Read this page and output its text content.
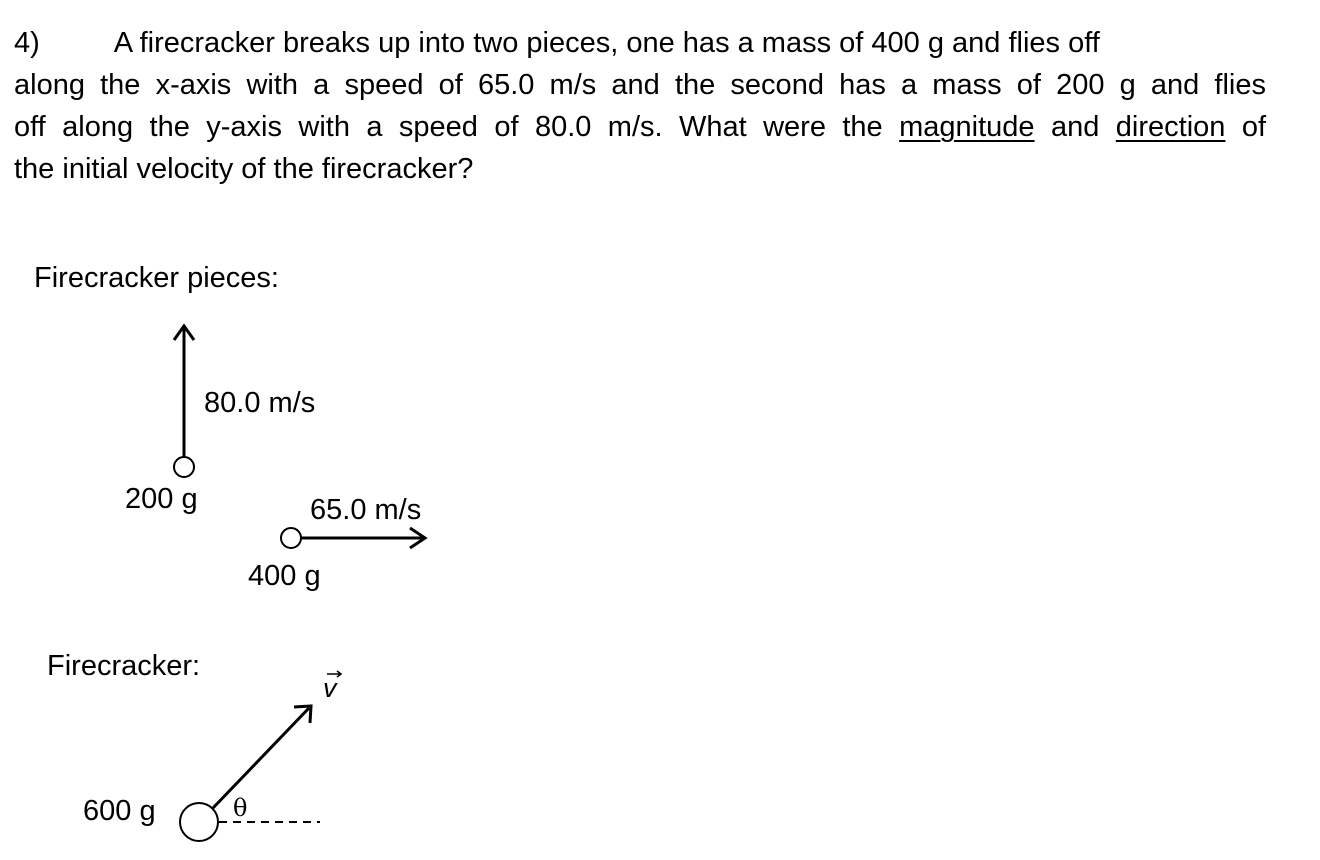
4)	A firecracker breaks up into two pieces, one has a mass of 400 g and flies off
along the x-axis with a speed of 65.0 m/s and the second has a mass of 200 g and flies
off along the y-axis with a speed of 80.0 m/s. What were the magnitude and direction of
the initial velocity of the firecracker?
Firecracker pieces:
80.0 m/s
200 g	65.0 m/s
400 g
Firecracker:
600 g
v
θ
